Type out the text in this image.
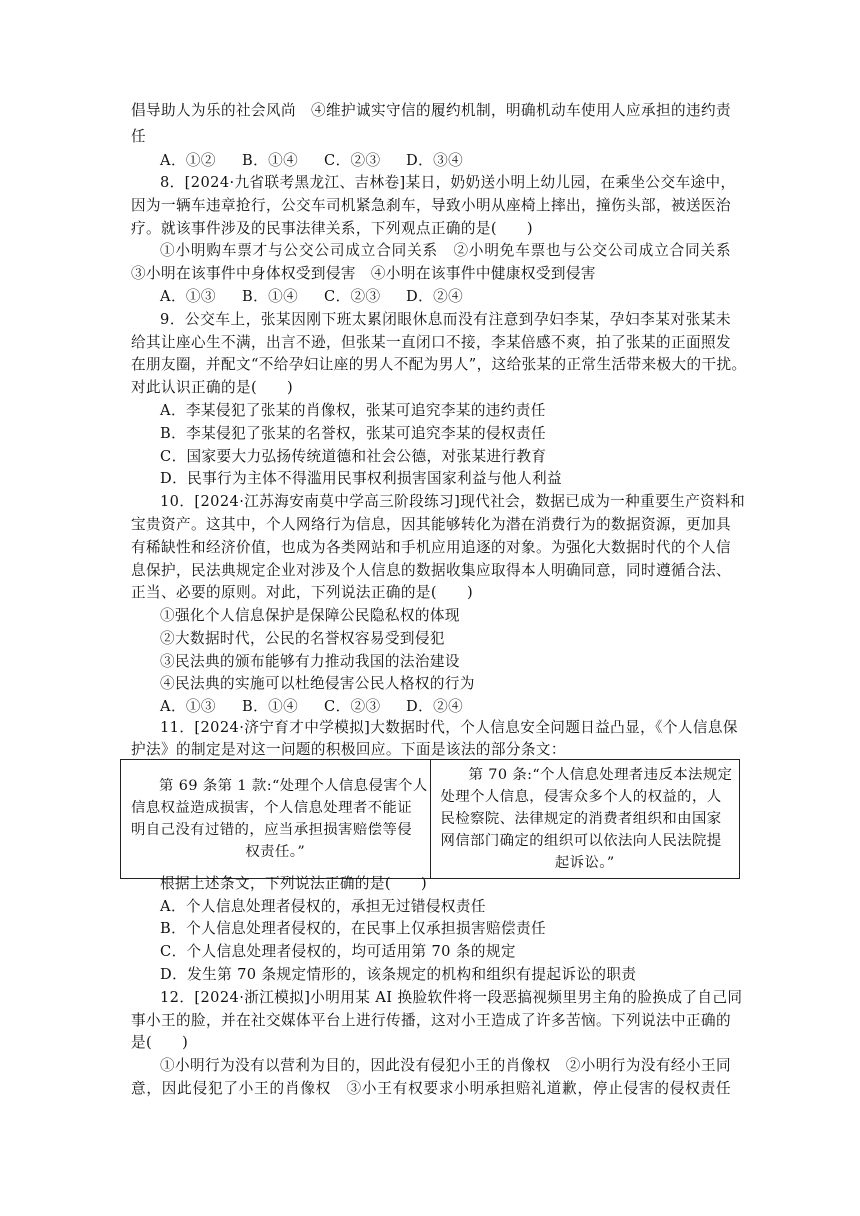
倡导助人为乐的社会风尚　④维护诚实守信的履约机制，明确机动车使用人应承担的违约责
任
A．①② B．①④ C．②③ D．③④
8．[2024·九省联考黑龙江、吉林卷]某日，奶奶送小明上幼儿园，在乘坐公交车途中，
因为一辆车违章抢行，公交车司机紧急刹车，导致小明从座椅上摔出，撞伤头部，被送医治
疗。就该事件涉及的民事法律关系，下列观点正确的是(　　)
①小明购车票才与公交公司成立合同关系　②小明免车票也与公交公司成立合同关系
③小明在该事件中身体权受到侵害　④小明在该事件中健康权受到侵害
A．①③ B．①④ C．②③ D．②④
9．公交车上，张某因刚下班太累闭眼休息而没有注意到孕妇李某，孕妇李某对张某未
给其让座心生不满，出言不逊，但张某一直闭口不接，李某倍感不爽，拍了张某的正面照发
在朋友圈，并配文“不给孕妇让座的男人不配为男人”，这给张某的正常生活带来极大的干扰。
对此认识正确的是(　　)
A．李某侵犯了张某的肖像权，张某可追究李某的违约责任
B．李某侵犯了张某的名誉权，张某可追究李某的侵权责任
C．国家要大力弘扬传统道德和社会公德，对张某进行教育
D．民事行为主体不得滥用民事权利损害国家利益与他人利益
10．[2024·江苏海安南莫中学高三阶段练习]现代社会，数据已成为一种重要生产资料和
宝贵资产。这其中，个人网络行为信息，因其能够转化为潜在消费行为的数据资源，更加具
有稀缺性和经济价值，也成为各类网站和手机应用追逐的对象。为强化大数据时代的个人信
息保护，民法典规定企业对涉及个人信息的数据收集应取得本人明确同意，同时遵循合法、
正当、必要的原则。对此，下列说法正确的是(　　)
①强化个人信息保护是保障公民隐私权的体现
②大数据时代，公民的名誉权容易受到侵犯
③民法典的颁布能够有力推动我国的法治建设
④民法典的实施可以杜绝侵害公民人格权的行为
A．①③ B．①④ C．②③ D．②④
11．[2024·济宁育才中学模拟]大数据时代，个人信息安全问题日益凸显，《个人信息保
护法》的制定是对这一问题的积极回应。下面是该法的部分条文：
第 69 条第 1 款:“处理个人信息侵害个人
信息权益造成损害，个人信息处理者不能证
明自己没有过错的，应当承担损害赔偿等侵
权责任。”

第 70 条:“个人信息处理者违反本法规定
处理个人信息，侵害众多个人的权益的，人
民检察院、法律规定的消费者组织和由国家
网信部门确定的组织可以依法向人民法院提
起诉讼。”
根据上述条文，下列说法正确的是(　　)
A．个人信息处理者侵权的，承担无过错侵权责任
B．个人信息处理者侵权的，在民事上仅承担损害赔偿责任
C．个人信息处理者侵权的，均可适用第 70 条的规定
D．发生第 70 条规定情形的，该条规定的机构和组织有提起诉讼的职责
12．[2024·浙江模拟]小明用某 AI 换脸软件将一段恶搞视频里男主角的脸换成了自己同
事小王的脸，并在社交媒体平台上进行传播，这对小王造成了许多苦恼。下列说法中正确的
是(　　)
①小明行为没有以营利为目的，因此没有侵犯小王的肖像权　②小明行为没有经小王同
意，因此侵犯了小王的肖像权　③小王有权要求小明承担赔礼道歉，停止侵害的侵权责任
